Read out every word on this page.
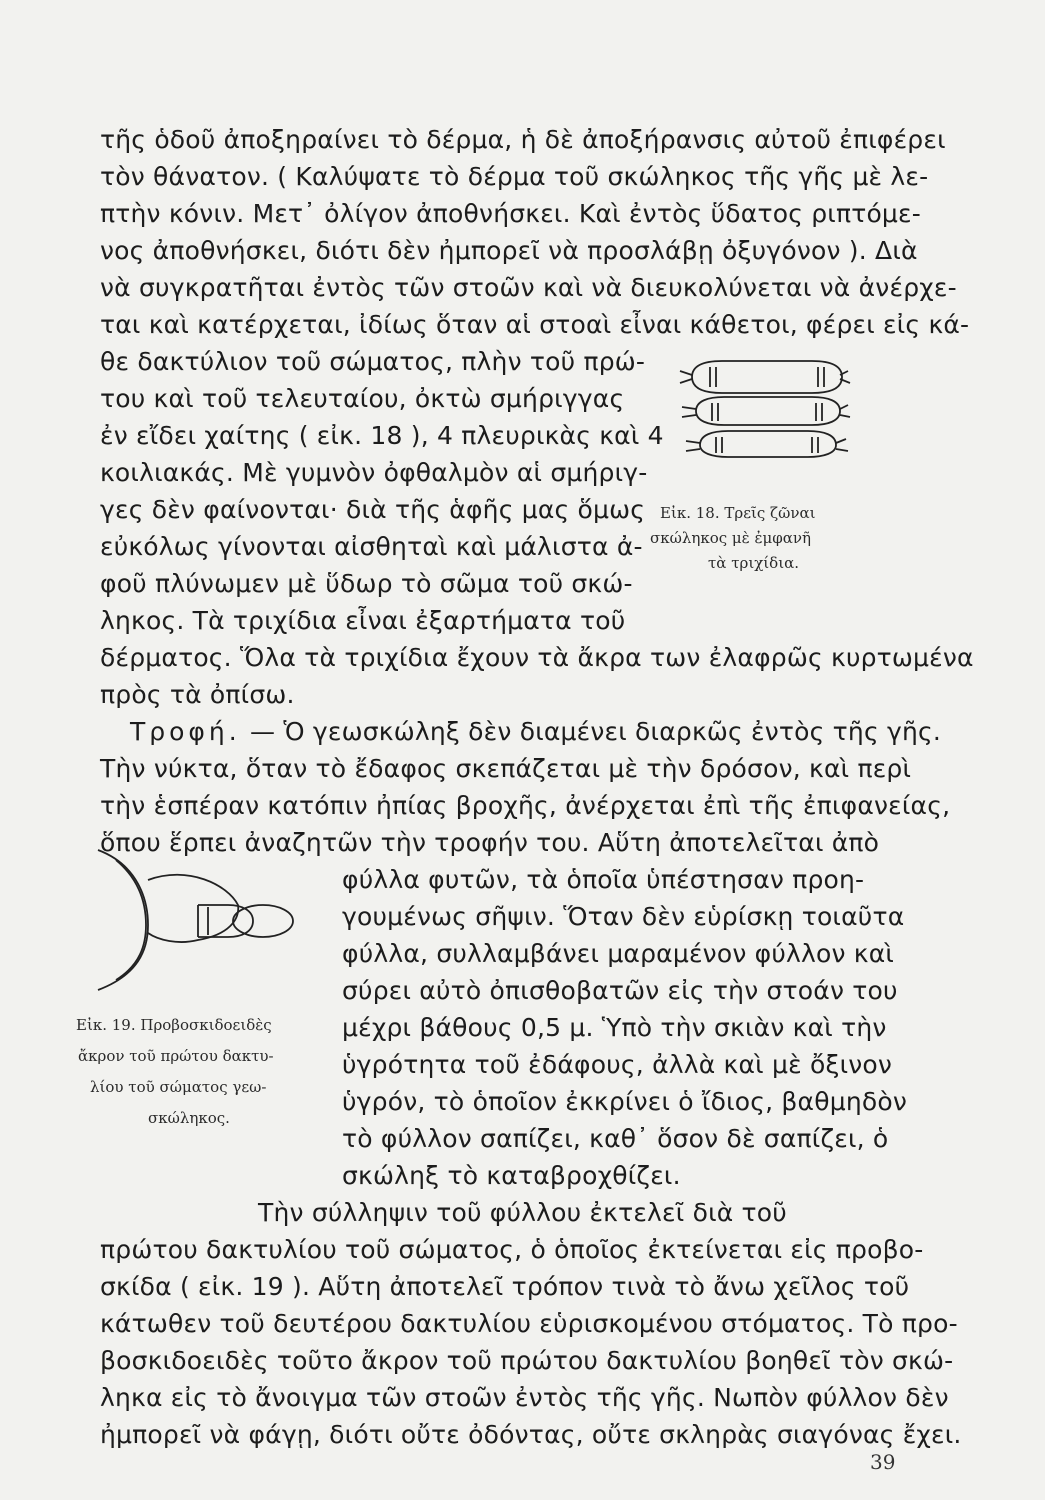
τῆς ὁδοῦ ἀποξηραίνει τὸ δέρμα, ἡ δὲ ἀποξήρανσις αὐτοῦ ἐπιφέρει
τὸν θάνατον. ( Καλύψατε τὸ δέρμα τοῦ σκώληκος τῆς γῆς μὲ λε-
πτὴν κόνιν. Μετ᾽ ὀλίγον ἀποθνήσκει. Καὶ ἐντὸς ὕδατος ριπτόμε-
νος ἀποθνήσκει, διότι δὲν ἠμπορεῖ νὰ προσλάβῃ ὀξυγόνον ). Διὰ
νὰ συγκρατῆται ἐντὸς τῶν στοῶν καὶ νὰ διευκολύνεται νὰ ἀνέρχε-
ται καὶ κατέρχεται, ἰδίως ὅταν αἱ στοαὶ εἶναι κάθετοι, φέρει εἰς κά-
θε δακτύλιον τοῦ σώματος, πλὴν τοῦ πρώ-
του καὶ τοῦ τελευταίου, ὀκτὼ σμήριγγας
ἐν εἴδει χαίτης ( εἰκ. 18 ), 4 πλευρικὰς καὶ 4
κοιλιακάς. Μὲ γυμνὸν ὀφθαλμὸν αἱ σμήριγ-
γες δὲν φαίνονται· διὰ τῆς ἁφῆς μας ὅμως
εὐκόλως γίνονται αἰσθηταὶ καὶ μάλιστα ἀ-
φοῦ πλύνωμεν μὲ ὕδωρ τὸ σῶμα τοῦ σκώ-
ληκος. Τὰ τριχίδια εἶναι ἐξαρτήματα τοῦ
δέρματος. Ὅλα τὰ τριχίδια ἔχουν τὰ ἄκρα των ἐλαφρῶς κυρτωμένα
πρὸς τὰ ὀπίσω.
Τροφή. — Ὁ γεωσκώληξ δὲν διαμένει διαρκῶς ἐντὸς τῆς γῆς.
Τὴν νύκτα, ὅταν τὸ ἔδαφος σκεπάζεται μὲ τὴν δρόσον, καὶ περὶ
τὴν ἑσπέραν κατόπιν ἠπίας βροχῆς, ἀνέρχεται ἐπὶ τῆς ἐπιφανείας,
ὅπου ἕρπει ἀναζητῶν τὴν τροφήν του. Αὕτη ἀποτελεῖται ἀπὸ
φύλλα φυτῶν, τὰ ὁποῖα ὑπέστησαν προη-
γουμένως σῆψιν. Ὅταν δὲν εὑρίσκῃ τοιαῦτα
φύλλα, συλλαμβάνει μαραμένον φύλλον καὶ
σύρει αὐτὸ ὀπισθοβατῶν εἰς τὴν στοάν του
μέχρι βάθους 0,5 μ. Ὑπὸ τὴν σκιὰν καὶ τὴν
ὑγρότητα τοῦ ἐδάφους, ἀλλὰ καὶ μὲ ὄξινον
ὑγρόν, τὸ ὁποῖον ἐκκρίνει ὁ ἴδιος, βαθμηδὸν
τὸ φύλλον σαπίζει, καθ᾽ ὅσον δὲ σαπίζει, ὁ
σκώληξ τὸ καταβροχθίζει.
Τὴν σύλληψιν τοῦ φύλλου ἐκτελεῖ διὰ τοῦ
πρώτου δακτυλίου τοῦ σώματος, ὁ ὁποῖος ἐκτείνεται εἰς προβο-
σκίδα ( εἰκ. 19 ). Αὕτη ἀποτελεῖ τρόπον τινὰ τὸ ἄνω χεῖλος τοῦ
κάτωθεν τοῦ δευτέρου δακτυλίου εὑρισκομένου στόματος. Τὸ προ-
βοσκιδοειδὲς τοῦτο ἄκρον τοῦ πρώτου δακτυλίου βοηθεῖ τὸν σκώ-
ληκα εἰς τὸ ἄνοιγμα τῶν στοῶν ἐντὸς τῆς γῆς. Νωπὸν φύλλον δὲν
ἠμπορεῖ νὰ φάγῃ, διότι οὔτε ὀδόντας, οὔτε σκληρὰς σιαγόνας ἔχει.
Εἰκ. 18. Τρεῖς ζῶναι
σκώληκος μὲ ἐμφανῆ
τὰ τριχίδια.
Εἰκ. 19. Προβοσκιδοειδὲς
ἄκρον τοῦ πρώτου δακτυ-
λίου τοῦ σώματος γεω-
σκώληκος.
39
